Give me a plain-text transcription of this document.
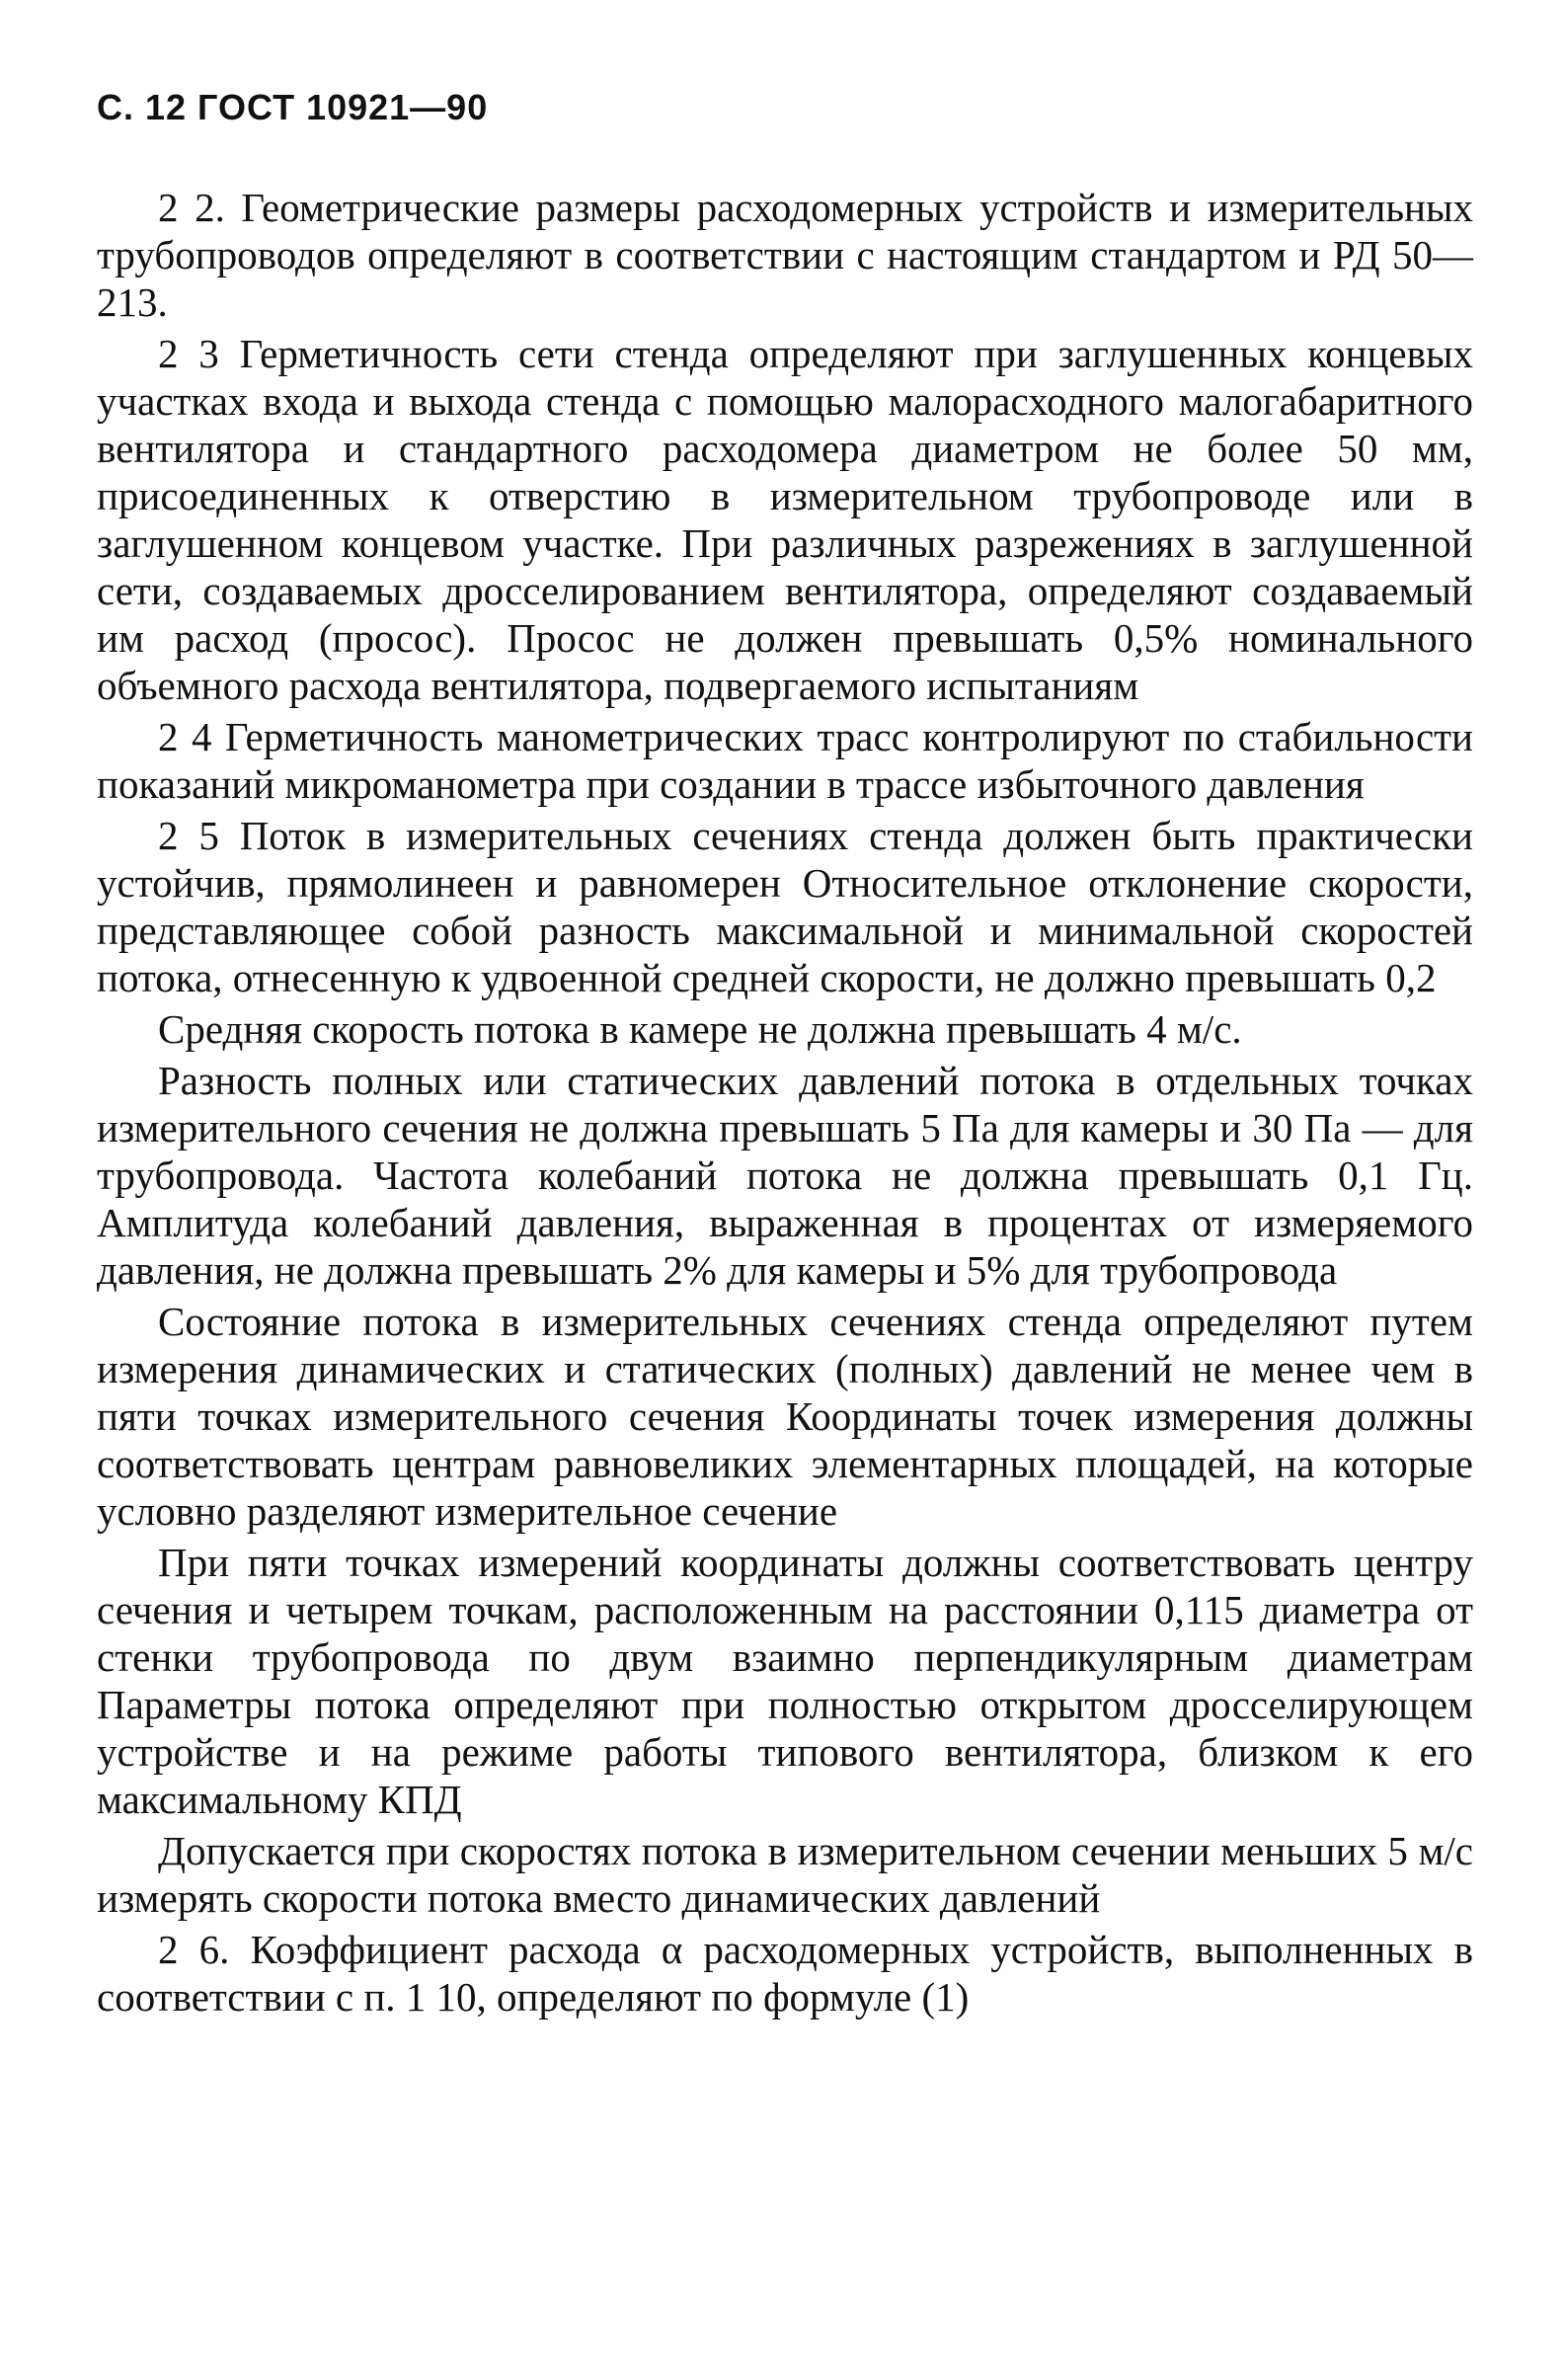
С. 12 ГОСТ 10921—90

2 2. Геометрические размеры расходомерных устройств и измерительных трубопроводов определяют в соответствии с настоящим стандартом и РД 50—213.

2 3 Герметичность сети стенда определяют при заглушенных концевых участках входа и выхода стенда с помощью малорасходного малогабаритного вентилятора и стандартного расходомера диаметром не более 50 мм, присоединенных к отверстию в измерительном трубопроводе или в заглушенном концевом участке. При различных разрежениях в заглушенной сети, создаваемых дросселированием вентилятора, определяют создаваемый им расход (просос). Просос не должен превышать 0,5% номинального объемного расхода вентилятора, подвергаемого испытаниям

2 4 Герметичность манометрических трасс контролируют по стабильности показаний микроманометра при создании в трассе избыточного давления

2 5 Поток в измерительных сечениях стенда должен быть практически устойчив, прямолинеен и равномерен Относительное отклонение скорости, представляющее собой разность максимальной и минимальной скоростей потока, отнесенную к удвоенной средней скорости, не должно превышать 0,2

Средняя скорость потока в камере не должна превышать 4 м/с.

Разность полных или статических давлений потока в отдельных точках измерительного сечения не должна превышать 5 Па для камеры и 30 Па — для трубопровода. Частота колебаний потока не должна превышать 0,1 Гц. Амплитуда колебаний давления, выраженная в процентах от измеряемого давления, не должна превышать 2% для камеры и 5% для трубопровода

Состояние потока в измерительных сечениях стенда определяют путем измерения динамических и статических (полных) давлений не менее чем в пяти точках измерительного сечения Координаты точек измерения должны соответствовать центрам равновеликих элементарных площадей, на которые условно разделяют измерительное сечение

При пяти точках измерений координаты должны соответствовать центру сечения и четырем точкам, расположенным на расстоянии 0,115 диаметра от стенки трубопровода по двум взаимно перпендикулярным диаметрам Параметры потока определяют при полностью открытом дросселирующем устройстве и на режиме работы типового вентилятора, близком к его максимальному КПД

Допускается при скоростях потока в измерительном сечении меньших 5 м/с измерять скорости потока вместо динамических давлений

2 6. Коэффициент расхода α расходомерных устройств, выполненных в соответствии с п. 1 10, определяют по формуле (1)
